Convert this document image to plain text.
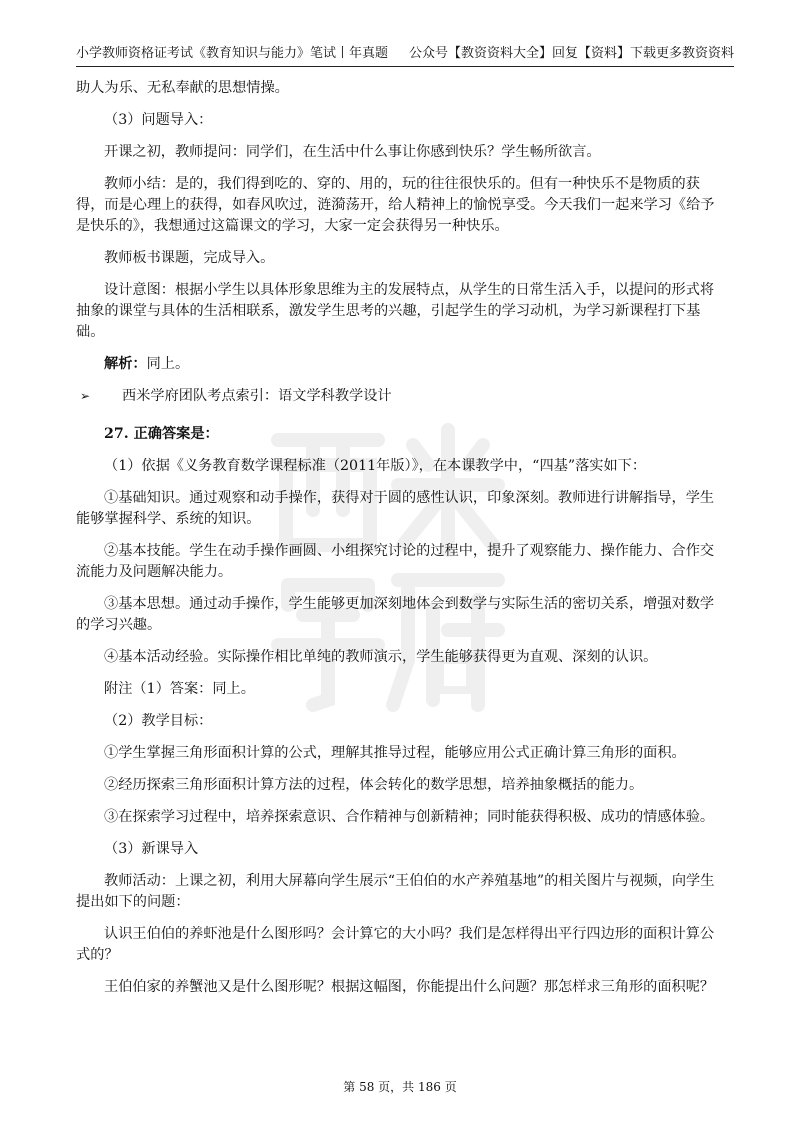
小学教师资格证考试《教育知识与能力》笔试丨年真题 公众号【教资资料大全】回复【资料】下载更多教资资料

助人为乐、无私奉献的思想情操。

（3）问题导入：

开课之初，教师提问：同学们，在生活中什么事让你感到快乐？学生畅所欲言。

教师小结：是的，我们得到吃的、穿的、用的，玩的往往很快乐的。但有一种快乐不是物质的获得，而是心理上的获得，如春风吹过，涟漪荡开，给人精神上的愉悦享受。今天我们一起来学习《给予是快乐的》，我想通过这篇课文的学习，大家一定会获得另一种快乐。

教师板书课题，完成导入。

设计意图：根据小学生以具体形象思维为主的发展特点，从学生的日常生活入手，以提问的形式将抽象的课堂与具体的生活相联系，激发学生思考的兴趣，引起学生的学习动机，为学习新课程打下基础。

解析：同上。

➢ 西米学府团队考点索引：语文学科教学设计

27. 正确答案是：

（1）依据《义务教育数学课程标准（2011年版）》，在本课教学中，“四基”落实如下：

①基础知识。通过观察和动手操作，获得对于圆的感性认识，印象深刻。教师进行讲解指导，学生能够掌握科学、系统的知识。

②基本技能。学生在动手操作画圆、小组探究讨论的过程中，提升了观察能力、操作能力、合作交流能力及问题解决能力。

③基本思想。通过动手操作，学生能够更加深刻地体会到数学与实际生活的密切关系，增强对数学的学习兴趣。

④基本活动经验。实际操作相比单纯的教师演示，学生能够获得更为直观、深刻的认识。

附注（1）答案：同上。

（2）教学目标：

①学生掌握三角形面积计算的公式，理解其推导过程，能够应用公式正确计算三角形的面积。

②经历探索三角形面积计算方法的过程，体会转化的数学思想，培养抽象概括的能力。

③在探索学习过程中，培养探索意识、合作精神与创新精神；同时能获得积极、成功的情感体验。

（3）新课导入

教师活动：上课之初，利用大屏幕向学生展示“王伯伯的水产养殖基地”的相关图片与视频，向学生提出如下的问题：

认识王伯伯的养虾池是什么图形吗？会计算它的大小吗？我们是怎样得出平行四边形的面积计算公式的？

王伯伯家的养蟹池又是什么图形呢？根据这幅图，你能提出什么问题？那怎样求三角形的面积呢？

第 58 页，共 186 页
